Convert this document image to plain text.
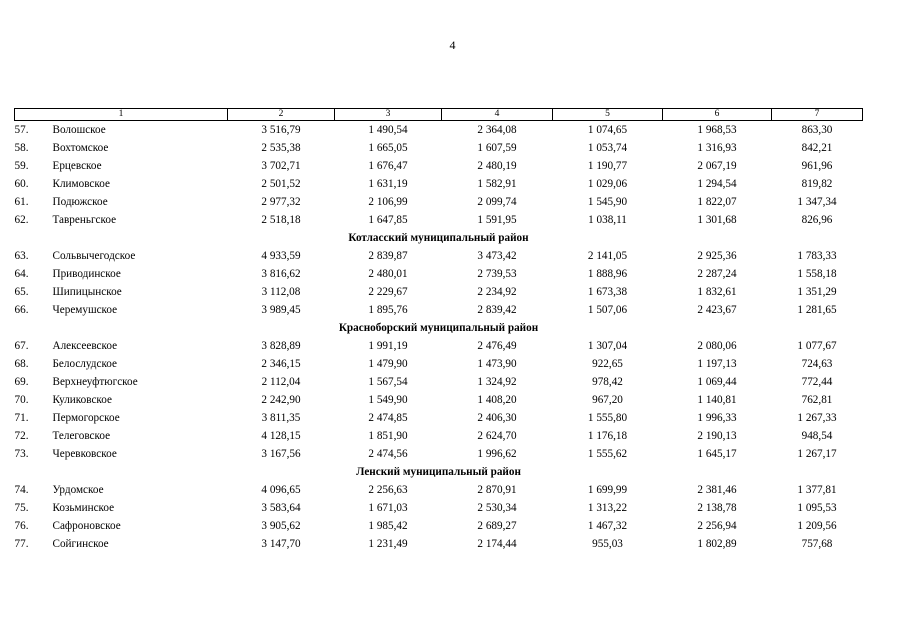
4
1		2	3	4	5	6	7
57.	Волошское	3 516,79	1 490,54	2 364,08	1 074,65	1 968,53	863,30
58.	Вохтомское	2 535,38	1 665,05	1 607,59	1 053,74	1 316,93	842,21
59.	Ерцевское	3 702,71	1 676,47	2 480,19	1 190,77	2 067,19	961,96
60.	Климовское	2 501,52	1 631,19	1 582,91	1 029,06	1 294,54	819,82
61.	Подюжское	2 977,32	2 106,99	2 099,74	1 545,90	1 822,07	1 347,34
62.	Тавреньгское	2 518,18	1 647,85	1 591,95	1 038,11	1 301,68	826,96
Котласский муниципальный район							
63.	Сольвычегодское	4 933,59	2 839,87	3 473,42	2 141,05	2 925,36	1 783,33
64.	Приводинское	3 816,62	2 480,01	2 739,53	1 888,96	2 287,24	1 558,18
65.	Шипицынское	3 112,08	2 229,67	2 234,92	1 673,38	1 832,61	1 351,29
66.	Черемушское	3 989,45	1 895,76	2 839,42	1 507,06	2 423,67	1 281,65
Красноборский муниципальный район							
67.	Алексеевское	3 828,89	1 991,19	2 476,49	1 307,04	2 080,06	1 077,67
68.	Белослудское	2 346,15	1 479,90	1 473,90	922,65	1 197,13	724,63
69.	Верхнеуфтюгское	2 112,04	1 567,54	1 324,92	978,42	1 069,44	772,44
70.	Куликовское	2 242,90	1 549,90	1 408,20	967,20	1 140,81	762,81
71.	Пермогорское	3 811,35	2 474,85	2 406,30	1 555,80	1 996,33	1 267,33
72.	Телеговское	4 128,15	1 851,90	2 624,70	1 176,18	2 190,13	948,54
73.	Черевковское	3 167,56	2 474,56	1 996,62	1 555,62	1 645,17	1 267,17
Ленский муниципальный район							
74.	Урдомское	4 096,65	2 256,63	2 870,91	1 699,99	2 381,46	1 377,81
75.	Козьминское	3 583,64	1 671,03	2 530,34	1 313,22	2 138,78	1 095,53
76.	Сафроновское	3 905,62	1 985,42	2 689,27	1 467,32	2 256,94	1 209,56
77.	Сойгинское	3 147,70	1 231,49	2 174,44	955,03	1 802,89	757,68
